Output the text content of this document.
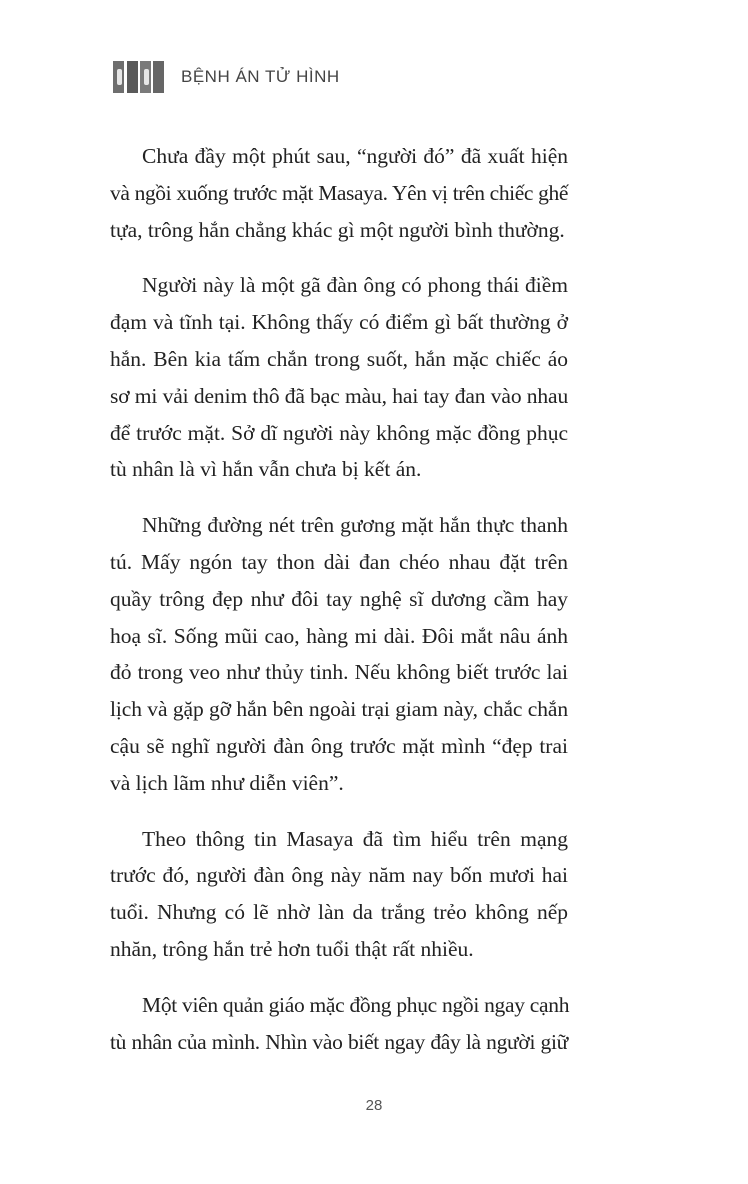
BỆNH ÁN TỬ HÌNH
Chưa đầy một phút sau, “người đó” đã xuất hiện
và ngồi xuống trước mặt Masaya. Yên vị trên chiếc ghế
tựa, trông hắn chẳng khác gì một người bình thường.
Người này là một gã đàn ông có phong thái điềm
đạm và tĩnh tại. Không thấy có điểm gì bất thường ở
hắn. Bên kia tấm chắn trong suốt, hắn mặc chiếc áo
sơ mi vải denim thô đã bạc màu, hai tay đan vào nhau
để trước mặt. Sở dĩ người này không mặc đồng phục
tù nhân là vì hắn vẫn chưa bị kết án.
Những đường nét trên gương mặt hắn thực thanh
tú. Mấy ngón tay thon dài đan chéo nhau đặt trên
quầy trông đẹp như đôi tay nghệ sĩ dương cầm hay
hoạ sĩ. Sống mũi cao, hàng mi dài. Đôi mắt nâu ánh
đỏ trong veo như thủy tinh. Nếu không biết trước lai
lịch và gặp gỡ hắn bên ngoài trại giam này, chắc chắn
cậu sẽ nghĩ người đàn ông trước mặt mình “đẹp trai
và lịch lãm như diễn viên”.
Theo thông tin Masaya đã tìm hiểu trên mạng
trước đó, người đàn ông này năm nay bốn mươi hai
tuổi. Nhưng có lẽ nhờ làn da trắng trẻo không nếp
nhăn, trông hắn trẻ hơn tuổi thật rất nhiều.
Một viên quản giáo mặc đồng phục ngồi ngay cạnh
tù nhân của mình. Nhìn vào biết ngay đây là người giữ
28
